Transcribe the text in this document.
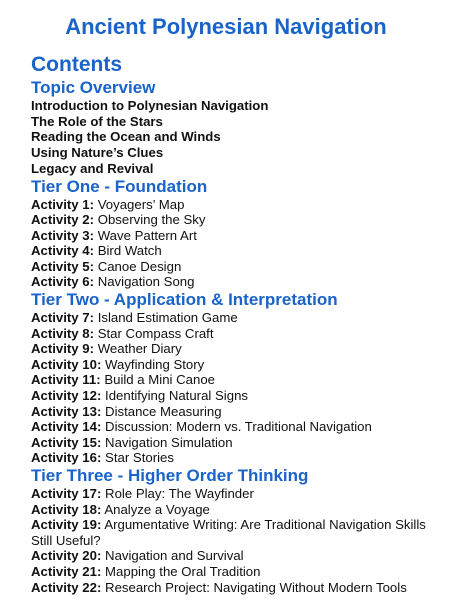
Ancient Polynesian Navigation
Contents
Topic Overview
Introduction to Polynesian Navigation
The Role of the Stars
Reading the Ocean and Winds
Using Nature’s Clues
Legacy and Revival
Tier One - Foundation
Activity 1: Voyagers’ Map
Activity 2: Observing the Sky
Activity 3: Wave Pattern Art
Activity 4: Bird Watch
Activity 5: Canoe Design
Activity 6: Navigation Song
Tier Two - Application & Interpretation
Activity 7: Island Estimation Game
Activity 8: Star Compass Craft
Activity 9: Weather Diary
Activity 10: Wayfinding Story
Activity 11: Build a Mini Canoe
Activity 12: Identifying Natural Signs
Activity 13: Distance Measuring
Activity 14: Discussion: Modern vs. Traditional Navigation
Activity 15: Navigation Simulation
Activity 16: Star Stories
Tier Three - Higher Order Thinking
Activity 17: Role Play: The Wayfinder
Activity 18: Analyze a Voyage
Activity 19: Argumentative Writing: Are Traditional Navigation Skills Still Useful?
Activity 20: Navigation and Survival
Activity 21: Mapping the Oral Tradition
Activity 22: Research Project: Navigating Without Modern Tools
